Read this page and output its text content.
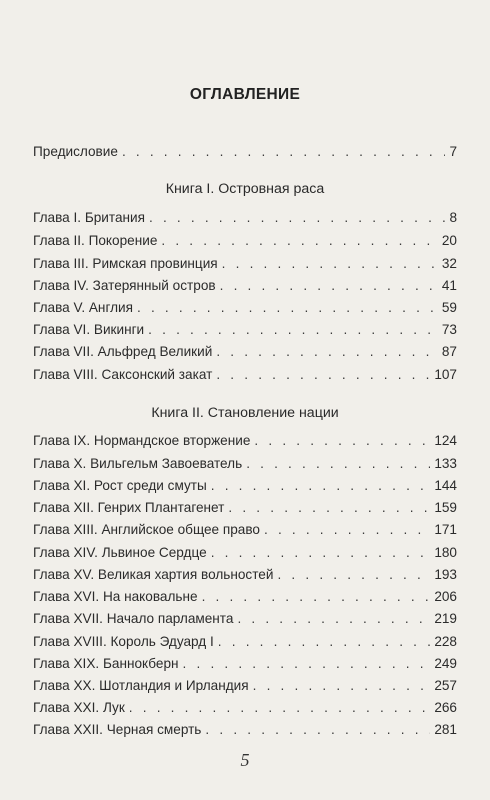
ОГЛАВЛЕНИЕ
Предисловие . . .	7
Книга I. Островная раса
Глава I. Британия . . .	8
Глава II. Покорение . . .	20
Глава III. Римская провинция . . .	32
Глава IV. Затерянный остров . . .	41
Глава V. Англия . . .	59
Глава VI. Викинги . . .	73
Глава VII. Альфред Великий . . .	87
Глава VIII. Саксонский закат . . .	107
Книга II. Становление нации
Глава IX. Нормандское вторжение . . .	124
Глава X. Вильгельм Завоеватель . . .	133
Глава XI. Рост среди смуты . . .	144
Глава XII. Генрих Плантагенет . . .	159
Глава XIII. Английское общее право . . .	171
Глава XIV. Львиное Сердце . . .	180
Глава XV. Великая хартия вольностей . . .	193
Глава XVI. На наковальне . . .	206
Глава XVII. Начало парламента . . .	219
Глава XVIII. Король Эдуард I . . .	228
Глава XIX. Баннокберн . . .	249
Глава XX. Шотландия и Ирландия . . .	257
Глава XXI. Лук . . .	266
Глава XXII. Черная смерть . . .	281
5
